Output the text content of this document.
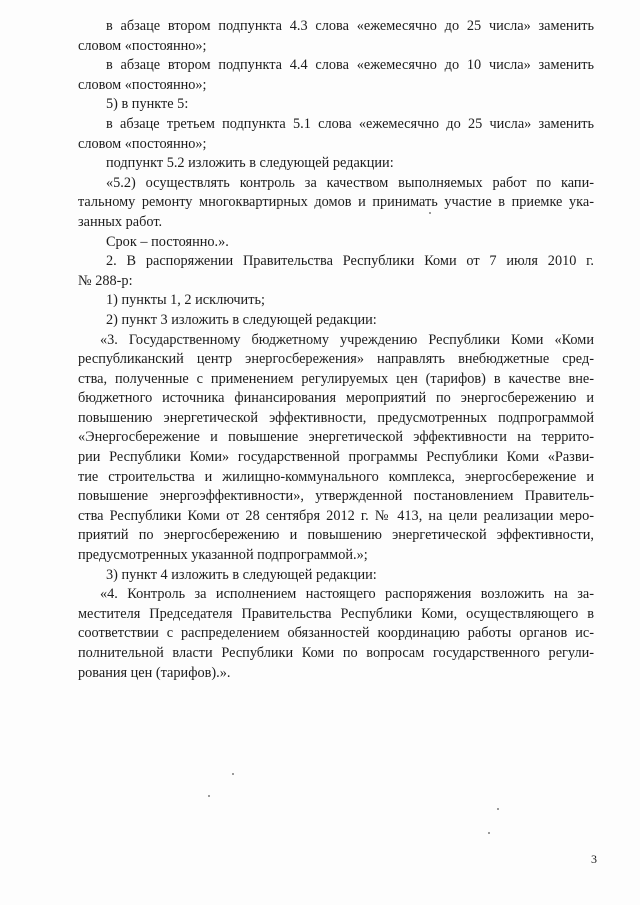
в абзаце втором подпункта 4.3 слова «ежемесячно до 25 числа» заменить
словом «постоянно»;
в абзаце втором подпункта 4.4 слова «ежемесячно до 10 числа» заменить
словом «постоянно»;
5) в пункте 5:
в абзаце третьем подпункта 5.1 слова «ежемесячно до 25 числа» заменить
словом «постоянно»;
подпункт 5.2 изложить в следующей редакции:
«5.2) осуществлять контроль за качеством выполняемых работ по капи-
тальному ремонту многоквартирных домов и принимать участие в приемке ука-
занных работ.
Срок – постоянно.».
2. В распоряжении Правительства Республики Коми от 7 июля 2010 г.
№ 288-р:
1) пункты 1, 2 исключить;
2) пункт 3 изложить в следующей редакции:
«3. Государственному бюджетному учреждению Республики Коми «Коми
республиканский центр энергосбережения» направлять внебюджетные сред-
ства, полученные с применением регулируемых цен (тарифов) в качестве вне-
бюджетного источника финансирования мероприятий по энергосбережению и
повышению энергетической эффективности, предусмотренных подпрограммой
«Энергосбережение и повышение энергетической эффективности на террито-
рии Республики Коми» государственной программы Республики Коми «Разви-
тие строительства и жилищно-коммунального комплекса, энергосбережение и
повышение энергоэффективности», утвержденной постановлением Правитель-
ства Республики Коми от 28 сентября 2012 г. № 413, на цели реализации меро-
приятий по энергосбережению и повышению энергетической эффективности,
предусмотренных указанной подпрограммой.»;
3) пункт 4 изложить в следующей редакции:
«4. Контроль за исполнением настоящего распоряжения возложить на за-
местителя Председателя Правительства Республики Коми, осуществляющего в
соответствии с распределением обязанностей координацию работы органов ис-
полнительной власти Республики Коми по вопросам государственного регули-
рования цен (тарифов).».
3
